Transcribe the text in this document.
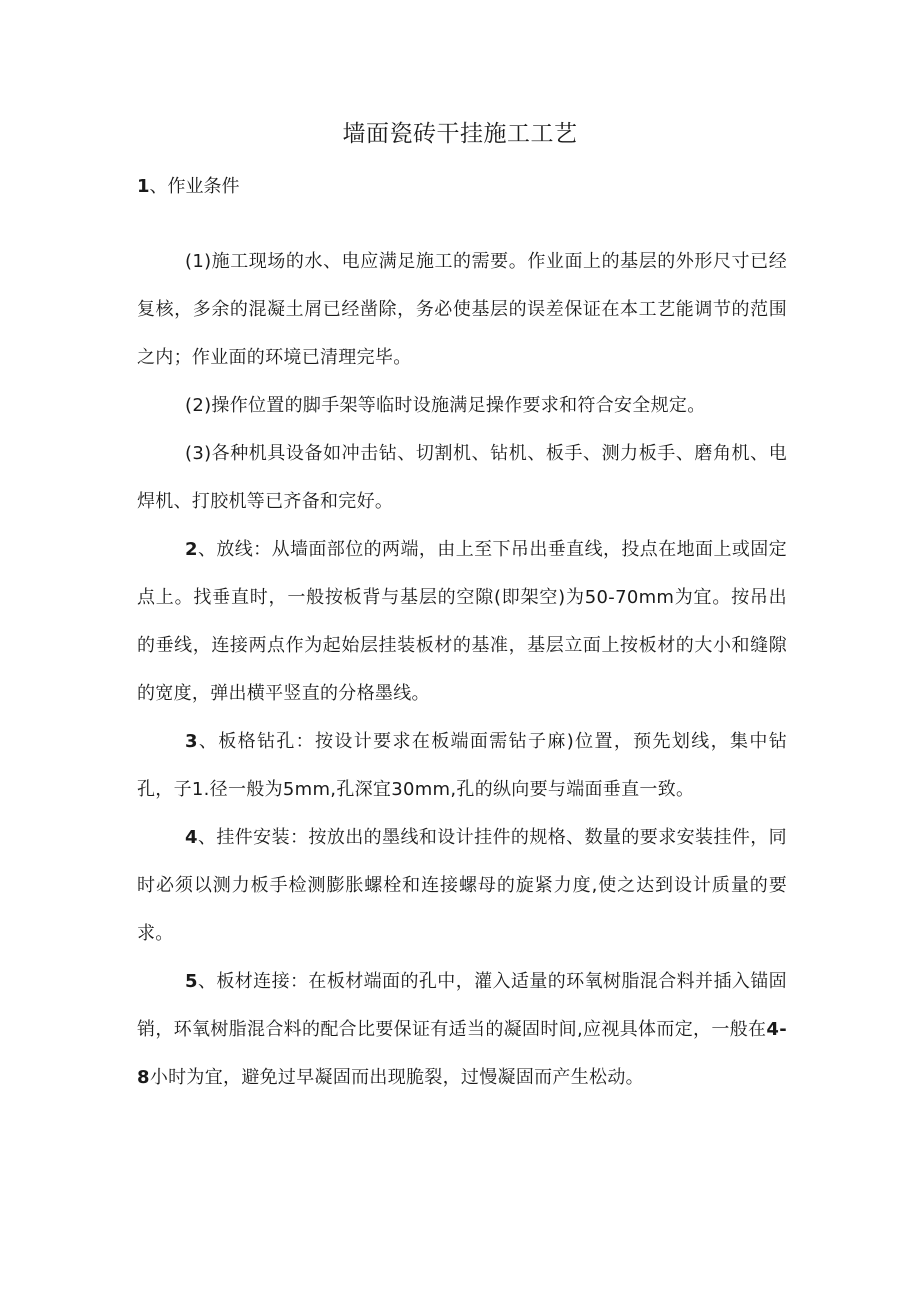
墙面瓷砖干挂施工工艺
1、作业条件
(1)施工现场的水、电应满足施工的需要。作业面上的基层的外形尺寸已经复核，多余的混凝土屑已经凿除，务必使基层的误差保证在本工艺能调节的范围之内；作业面的环境已清理完毕。
(2)操作位置的脚手架等临时设施满足操作要求和符合安全规定。
(3)各种机具设备如冲击钻、切割机、钻机、板手、测力板手、磨角机、电焊机、打胶机等已齐备和完好。
2、放线：从墙面部位的两端，由上至下吊出垂直线，投点在地面上或固定点上。找垂直时，一般按板背与基层的空隙(即架空)为50-70mm为宜。按吊出的垂线，连接两点作为起始层挂装板材的基准，基层立面上按板材的大小和缝隙的宽度，弹出横平竖直的分格墨线。
3、板格钻孔：按设计要求在板端面需钻子麻)位置，预先划线，集中钻孔，子1.径一般为5mm,孔深宜30mm,孔的纵向要与端面垂直一致。
4、挂件安装：按放出的墨线和设计挂件的规格、数量的要求安装挂件，同时必须以测力板手检测膨胀螺栓和连接螺母的旋紧力度,使之达到设计质量的要求。
5、板材连接：在板材端面的孔中，灌入适量的环氧树脂混合料并插入锚固销，环氧树脂混合料的配合比要保证有适当的凝固时间,应视具体而定，一般在4-8小时为宜，避免过早凝固而出现脆裂，过慢凝固而产生松动。
